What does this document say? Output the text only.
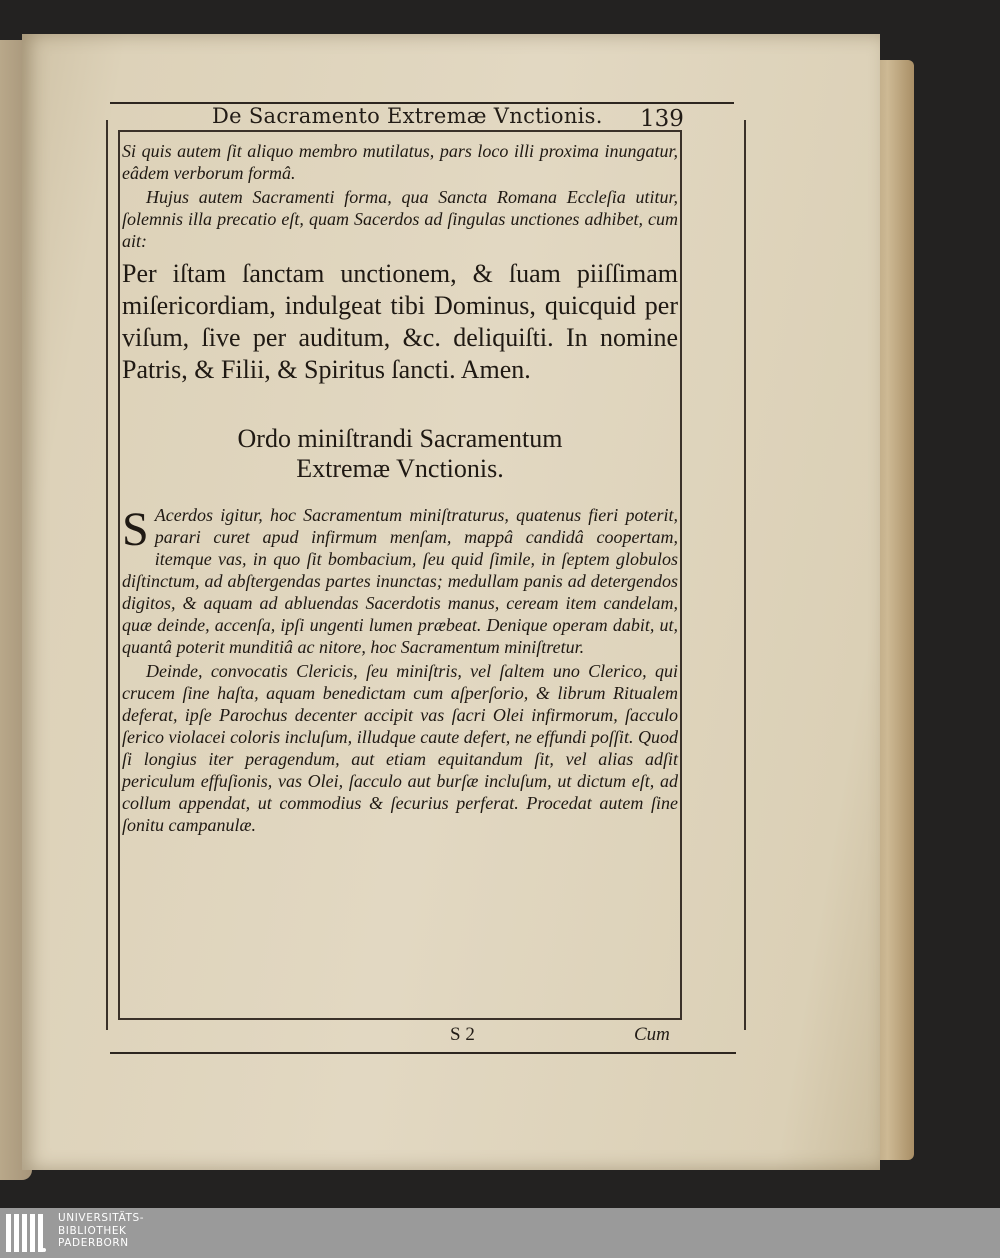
De Sacramento Extremæ Vnctionis. 139

Si quis autem ſit aliquo membro mutilatus, pars loco illi proxima inungatur, eâdem verborum formâ.

Hujus autem Sacramenti forma, qua Sancta Romana Eccleſia utitur, ſolemnis illa precatio eſt, quam Sacerdos ad ſingulas unctiones adhibet, cum ait:

Per iſtam ſanctam unctionem, & ſuam piiſſimam miſericordiam, indulgeat tibi Dominus, quicquid per viſum, ſive per auditum, &c. deliquiſti. In nomine Patris, & Filii, & Spiritus ſancti. Amen.

Ordo miniſtrandi Sacramentum
Extremæ Vnctionis.

S Acerdos igitur, hoc Sacramentum miniſtraturus, quatenus fieri poterit, parari curet apud infirmum menſam, mappâ candidâ coopertam, itemque vas, in quo ſit bombacium, ſeu quid ſimile, in ſeptem globulos diſtinctum, ad abſtergendas partes inunctas; medullam panis ad detergendos digitos, & aquam ad abluendas Sacerdotis manus, ceream item candelam, quæ deinde, accenſa, ipſi ungenti lumen præbeat. Denique operam dabit, ut, quantâ poterit munditiâ ac nitore, hoc Sacramentum miniſtretur.

Deinde, convocatis Clericis, ſeu miniſtris, vel ſaltem uno Clerico, qui crucem ſine haſta, aquam benedictam cum aſperſorio, & librum Ritualem deferat, ipſe Parochus decenter accipit vas ſacri Olei infirmorum, ſacculo ſerico violacei coloris incluſum, illudque caute defert, ne effundi poſſit. Quod ſi longius iter peragendum, aut etiam equitandum ſit, vel alias adſit periculum effuſionis, vas Olei, ſacculo aut burſæ incluſum, ut dictum eſt, ad collum appendat, ut commodius & ſecurius perferat. Procedat autem ſine ſonitu campanulæ.

S 2	Cum
UNIVERSITÄTS-
BIBLIOTHEK
PADERBORN
